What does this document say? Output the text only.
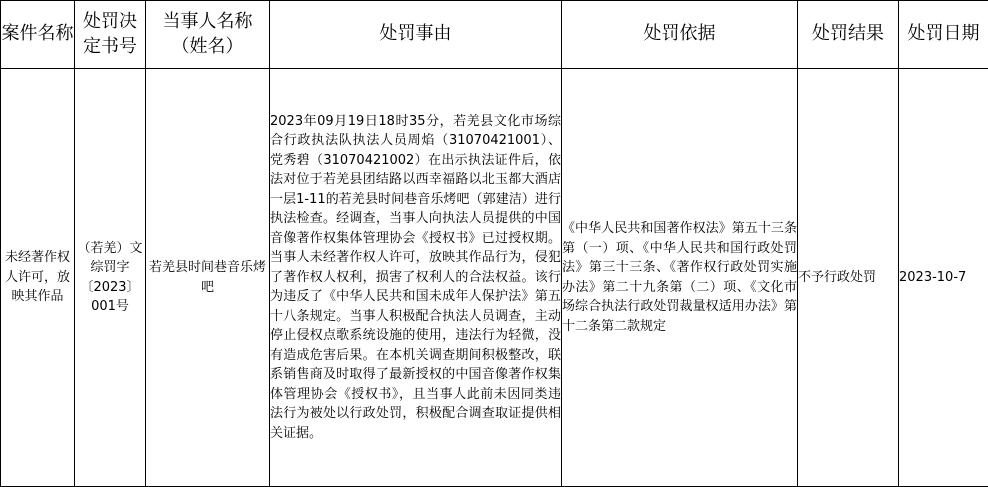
案件名称	处罚决定书号	当事人名称（姓名）	处罚事由	处罚依据	处罚结果	处罚日期
未经著作权人许可，放映其作品	（若羌）文综罚字〔2023〕001号	若羌县时间巷音乐烤吧	2023年09月19日18时35分，若羌县文化市场综合行政执法队执法人员周焰（31070421001）、党秀碧（31070421002）在出示执法证件后，依法对位于若羌县团结路以西幸福路以北玉都大酒店一层1-11的若羌县时间巷音乐烤吧（郭建洁）进行执法检查。经调查，当事人向执法人员提供的中国音像著作权集体管理协会《授权书》已过授权期。当事人未经著作权人许可，放映其作品行为，侵犯了著作权人权利，损害了权利人的合法权益。该行为违反了《中华人民共和国未成年人保护法》第五十八条规定。当事人积极配合执法人员调查，主动停止侵权点歌系统设施的使用，违法行为轻微，没有造成危害后果。在本机关调查期间积极整改，联系销售商及时取得了最新授权的中国音像著作权集体管理协会《授权书》，且当事人此前未因同类违法行为被处以行政处罚，积极配合调查取证提供相关证据。	《中华人民共和国著作权法》第五十三条第（一）项、《中华人民共和国行政处罚法》第三十三条、《著作权行政处罚实施办法》第二十九条第（二）项、《文化市场综合执法行政处罚裁量权适用办法》第十二条第二款规定	不予行政处罚	2023-10-7
